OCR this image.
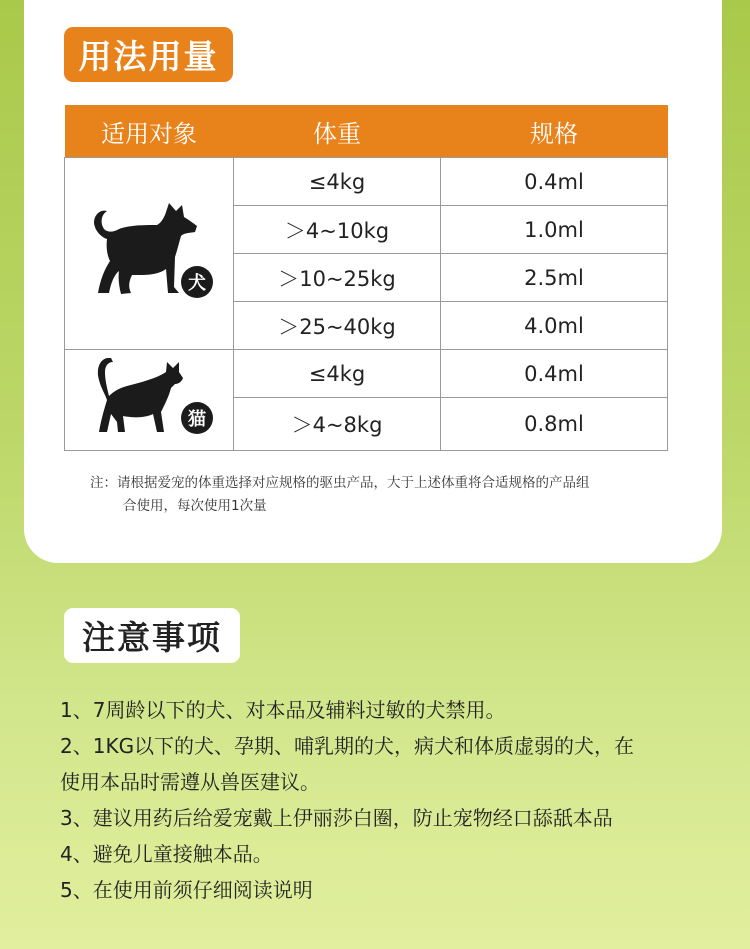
用法用量
适用对象	体重	规格

犬	≤4kg	0.4ml
	＞4~10kg	1.0ml
	＞10~25kg	2.5ml
	＞25~40kg	4.0ml

猫	≤4kg	0.4ml
	＞4~8kg	0.8ml
注：请根据爱宠的体重选择对应规格的驱虫产品，大于上述体重将合适规格的产品组
合使用，每次使用1次量
注意事项
1、7周龄以下的犬、对本品及辅料过敏的犬禁用。
2、1KG以下的犬、孕期、哺乳期的犬，病犬和体质虚弱的犬，在
使用本品时需遵从兽医建议。
3、建议用药后给爱宠戴上伊丽莎白圈，防止宠物经口舔舐本品
4、避免儿童接触本品。
5、在使用前须仔细阅读说明
